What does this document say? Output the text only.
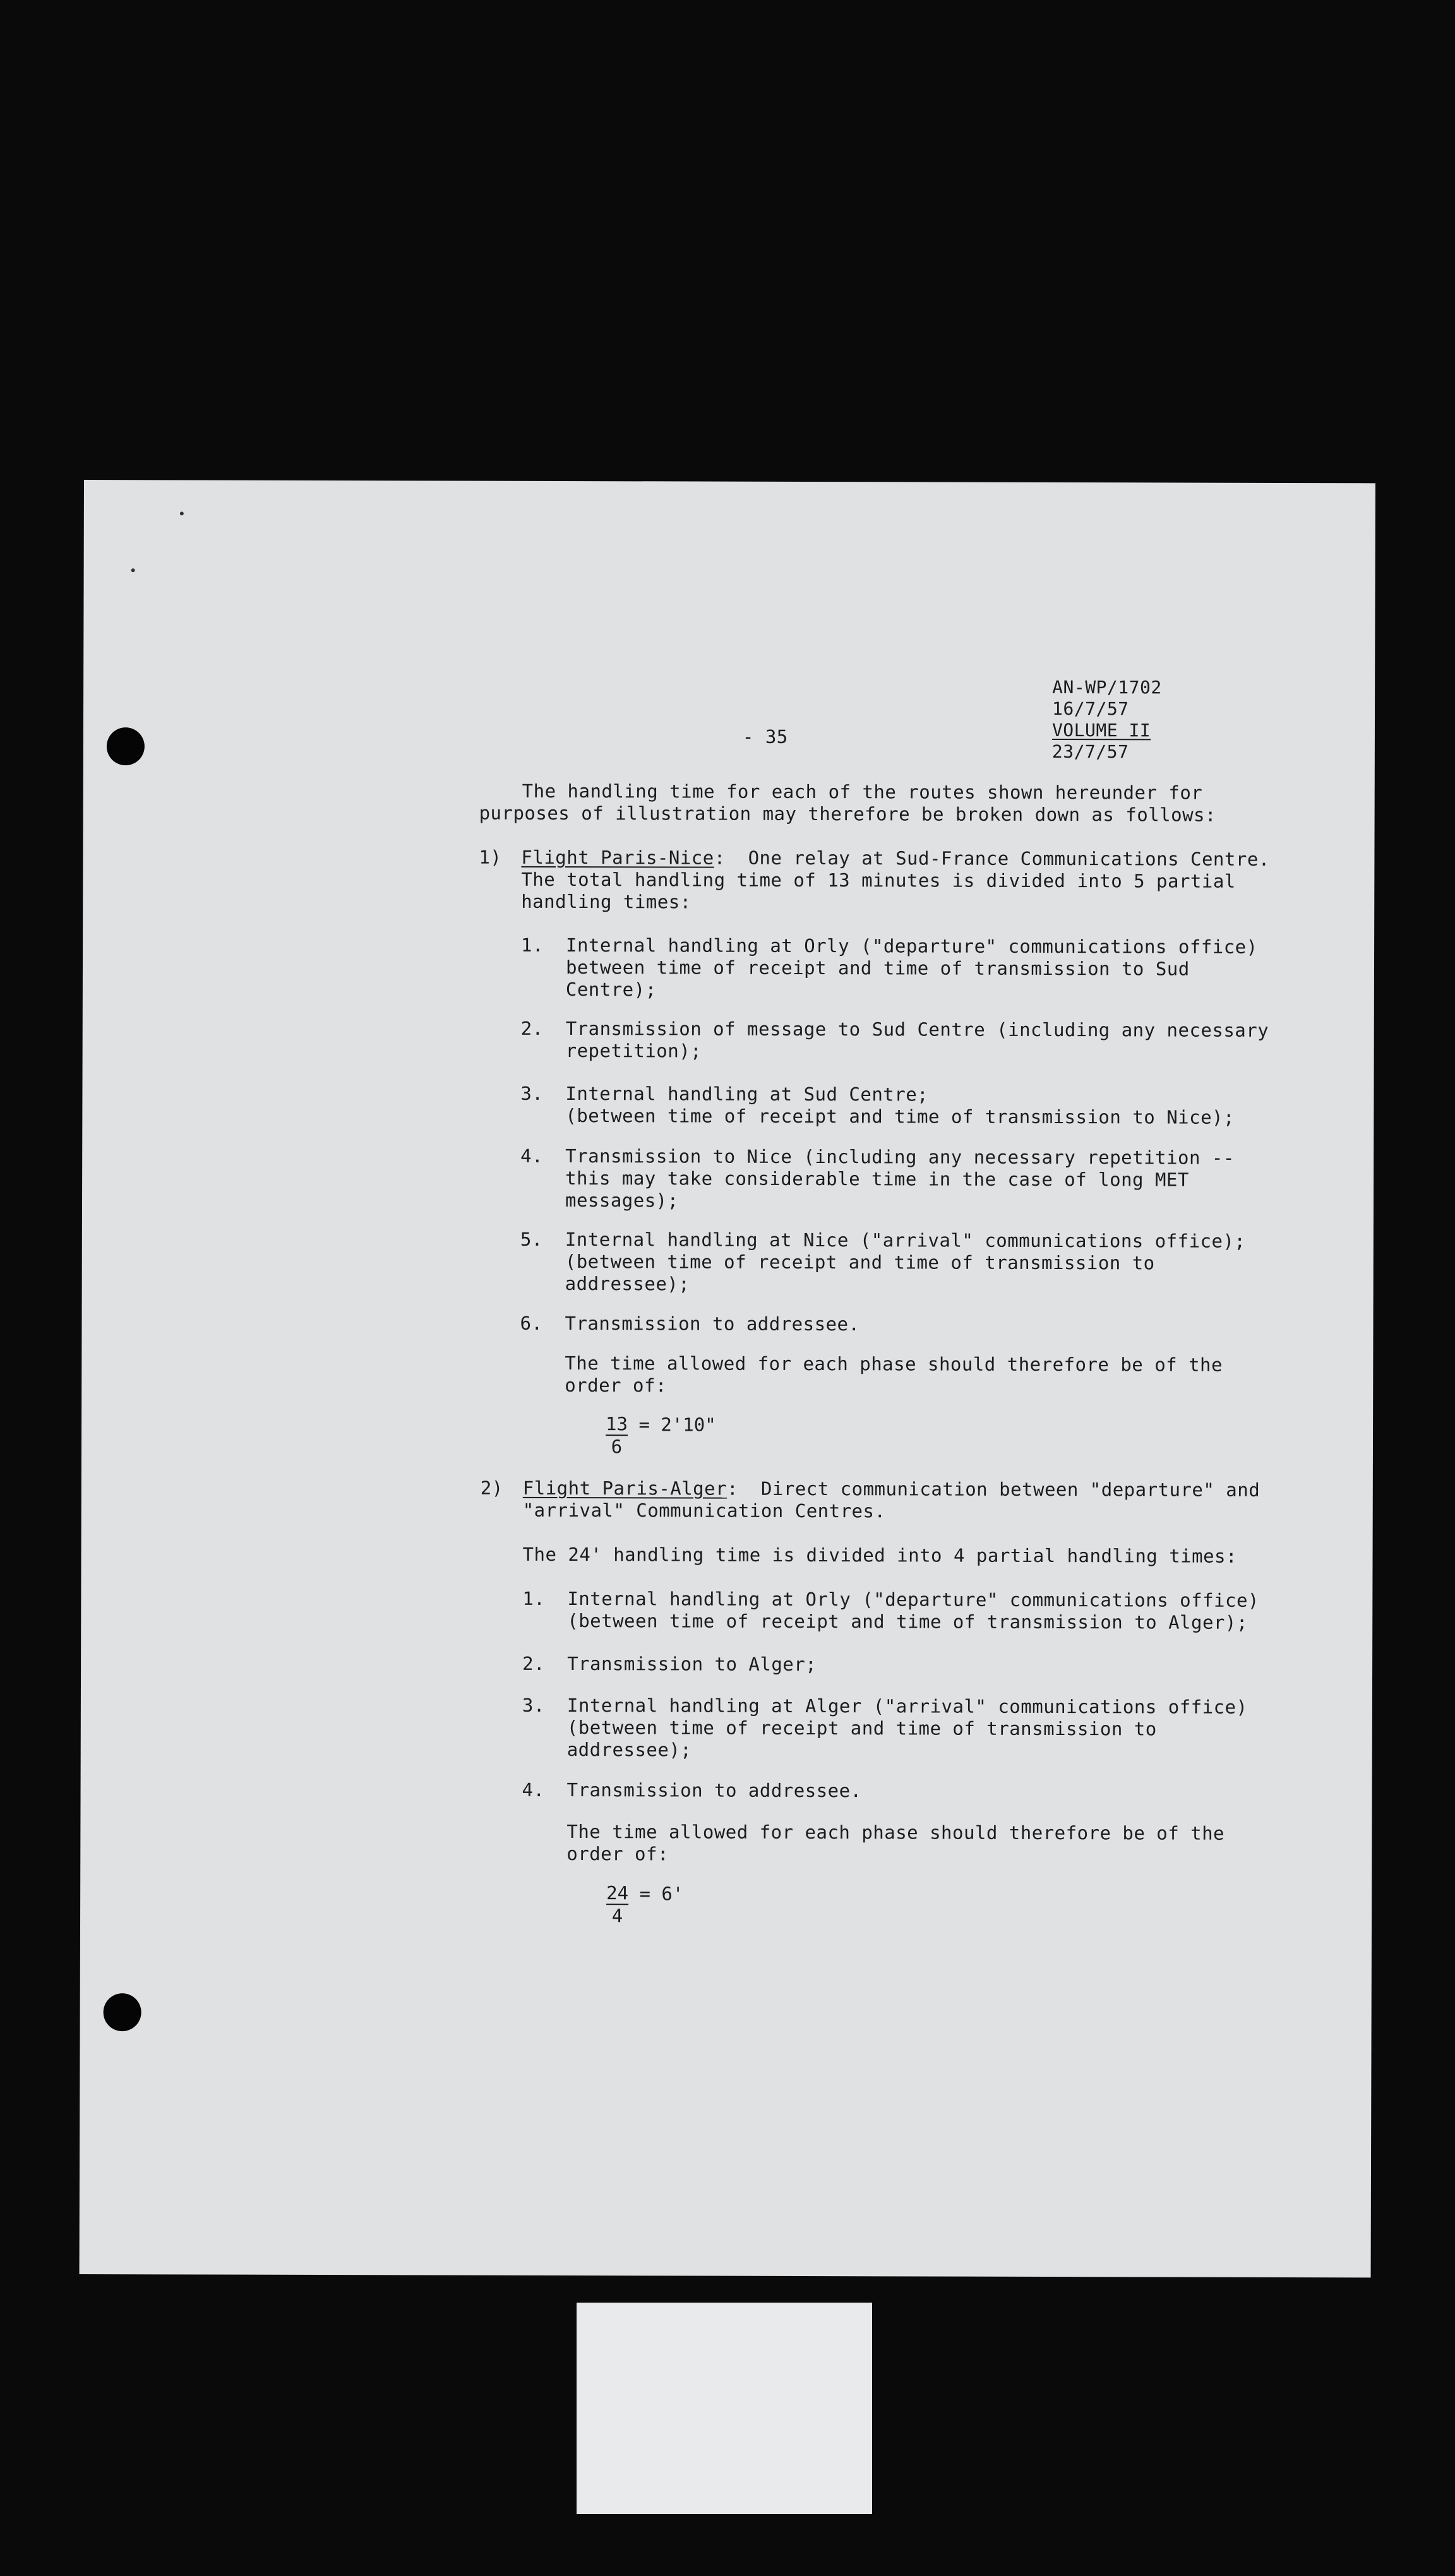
AN-WP/1702
16/7/57
VOLUME II
23/7/57
- 35
The handling time for each of the routes shown hereunder for
purposes of illustration may therefore be broken down as follows:
1) Flight Paris-Nice:  One relay at Sud-France Communications Centre.
The total handling time of 13 minutes is divided into 5 partial
handling times:
1. Internal handling at Orly ("departure" communications office)
between time of receipt and time of transmission to Sud
Centre);
2. Transmission of message to Sud Centre (including any necessary
repetition);
3. Internal handling at Sud Centre;
(between time of receipt and time of transmission to Nice);
4. Transmission to Nice (including any necessary repetition --
this may take considerable time in the case of long MET
messages);
5. Internal handling at Nice ("arrival" communications office);
(between time of receipt and time of transmission to
addressee);
6. Transmission to addressee.
The time allowed for each phase should therefore be of the
order of:
$\frac{13}{6} = 2'10$"
2) Flight Paris-Alger:  Direct communication between "departure" and
"arrival" Communication Centres.
The 24' handling time is divided into 4 partial handling times:
1. Internal handling at Orly ("departure" communications office)
(between time of receipt and time of transmission to Alger);
2. Transmission to Alger;
3. Internal handling at Alger ("arrival" communications office)
(between time of receipt and time of transmission to
addressee);
4. Transmission to addressee.
The time allowed for each phase should therefore be of the
order of:
$\frac{24}{4} = 6'$
